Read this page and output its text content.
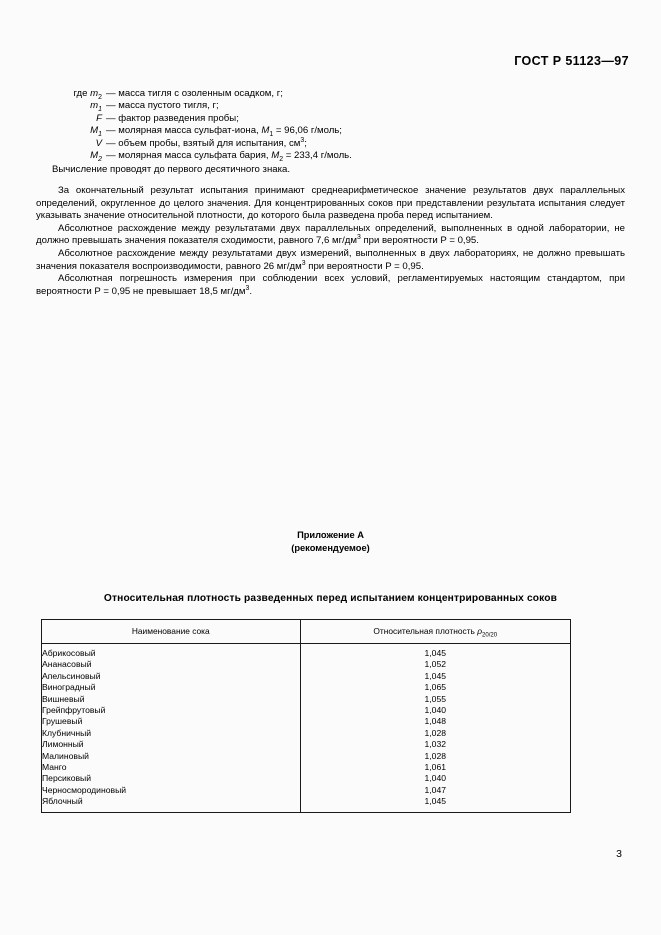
ГОСТ Р 51123—97
где $m_2$ — масса тигля с озоленным осадком, г;
$m_1$ — масса пустого тигля, г;
F — фактор разведения пробы;
$M_1$ — молярная масса сульфат-иона, $M_1 = 96,06$ г/моль;
V — объем пробы, взятый для испытания, $см^3$;
$M_2$ — молярная масса сульфата бария, $M_2 = 233,4$ г/моль.
Вычисление проводят до первого десятичного знака.

За окончательный результат испытания принимают среднеарифметическое значение результатов двух параллельных определений, округленное до целого значения. Для концентрированных соков при представлении результата испытания следует указывать значение относительной плотности, до которого была разведена проба перед испытанием.

Абсолютное расхождение между результатами двух параллельных определений, выполненных в одной лаборатории, не должно превышать значения показателя сходимости, равного 7,6 $мг/дм^3$ при вероятности P = 0,95.

Абсолютное расхождение между результатами двух измерений, выполненных в двух лабораториях, не должно превышать значения показателя воспроизводимости, равного 26 $мг/дм^3$ при вероятности P = 0,95.

Абсолютная погрешность измерения при соблюдении всех условий, регламентируемых настоящим стандартом, при вероятности P = 0,95 не превышает 18,5 $мг/дм^3$.

Приложение А
(рекомендуемое)
Относительная плотность разведенных перед испытанием концентрированных соков
Наименование сока	Относительная плотность $\rho_{20/20}$
Абрикосовый	1,045
Ананасовый	1,052
Апельсиновый	1,045
Виноградный	1,065
Вишневый	1,055
Грейпфрутовый	1,040
Грушевый	1,048
Клубничный	1,028
Лимонный	1,032
Малиновый	1,028
Манго	1,061
Персиковый	1,040
Черносмородиновый	1,047
Яблочный	1,045
3
